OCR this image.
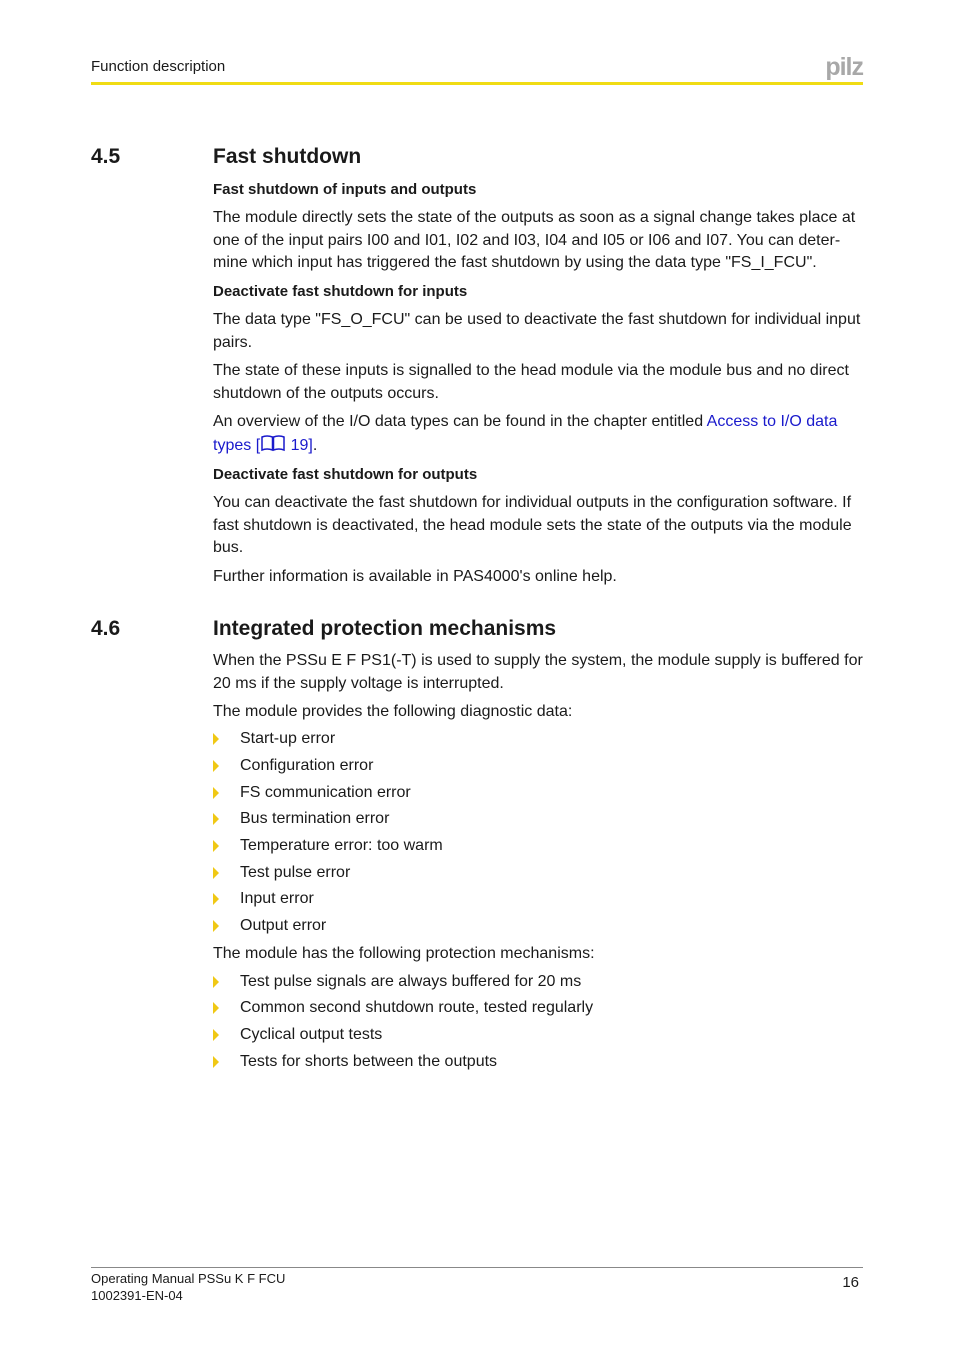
Function description	pilz
4.5	Fast shutdown
Fast shutdown of inputs and outputs
The module directly sets the state of the outputs as soon as a signal change takes place at one of the input pairs I00 and I01, I02 and I03, I04 and I05 or I06 and I07. You can deter-mine which input has triggered the fast shutdown by using the data type "FS_I_FCU".
Deactivate fast shutdown for inputs
The data type "FS_O_FCU" can be used to deactivate the fast shutdown for individual input pairs.
The state of these inputs is signalled to the head module via the module bus and no direct shutdown of the outputs occurs.
An overview of the I/O data types can be found in the chapter entitled Access to I/O data types [ 19].
Deactivate fast shutdown for outputs
You can deactivate the fast shutdown for individual outputs in the configuration software. If fast shutdown is deactivated, the head module sets the state of the outputs via the module bus.
Further information is available in PAS4000's online help.
4.6	Integrated protection mechanisms
When the PSSu E F PS1(-T) is used to supply the system, the module supply is buffered for 20 ms if the supply voltage is interrupted.
The module provides the following diagnostic data:
Start-up error
Configuration error
FS communication error
Bus termination error
Temperature error: too warm
Test pulse error
Input error
Output error
The module has the following protection mechanisms:
Test pulse signals are always buffered for 20 ms
Common second shutdown route, tested regularly
Cyclical output tests
Tests for shorts between the outputs
Operating Manual PSSu K F FCU
1002391-EN-04
16
